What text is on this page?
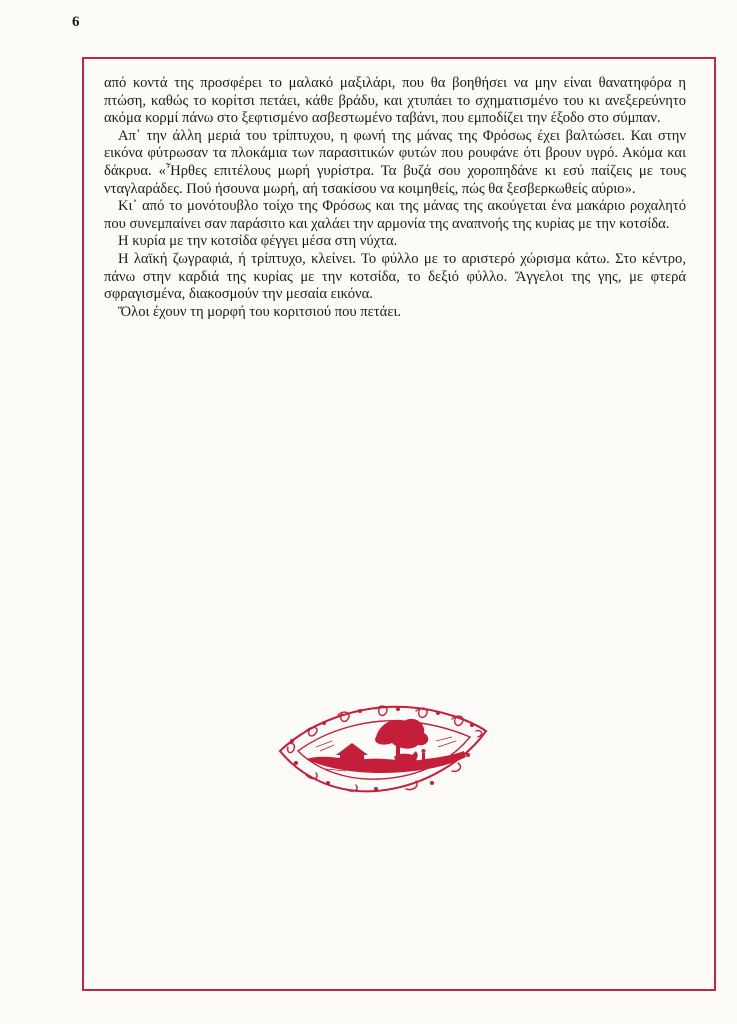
6

από κοντά της προσφέρει το μαλακό μαξιλάρι, που θα βοηθήσει να μην είναι θανατηφόρα η πτώση, καθώς το κορίτσι πετάει, κάθε βράδυ, και χτυπάει το σχηματισμένο του κι ανεξερεύνητο ακόμα κορμί πάνω στο ξεφτισμένο ασβεστωμένο ταβάνι, που εμποδίζει την έξοδο στο σύμπαν.

Απ᾽ την άλλη μεριά του τρίπτυχου, η φωνή της μάνας της Φρόσως έχει βαλτώσει. Και στην εικόνα φύτρωσαν τα πλοκάμια των παρασιτικών φυτών που ρουφάνε ότι βρουν υγρό. Ακόμα και δάκρυα. «Ἦρθες επιτέλους μωρή γυρίστρα. Τα βυζά σου χοροπηδάνε κι εσύ παίζεις με τους νταγλαράδες. Πού ήσουνα μωρή, αή τσακίσου να κοιμηθείς, πώς θα ξεσβερκωθείς αύριο».

Κι᾽ από το μονότουβλο τοίχο της Φρόσως και της μάνας της ακούγεται ένα μακάριο ροχαλητό που συνεμπαίνει σαν παράσιτο και χαλάει την αρμονία της αναπνοής της κυρίας με την κοτσίδα.

Η κυρία με την κοτσίδα φέγγει μέσα στη νύχτα.

Η λαϊκή ζωγραφιά, ή τρίπτυχο, κλείνει. Το φύλλο με το αριστερό χώρισμα κάτω. Στο κέντρο, πάνω στην καρδιά της κυρίας με την κοτσίδα, το δεξιό φύλλο. Ἄγγελοι της γης, με φτερά σφραγισμένα, διακοσμούν την μεσαία εικόνα.

Ὅλοι έχουν τη μορφή του κοριτσιού που πετάει.
